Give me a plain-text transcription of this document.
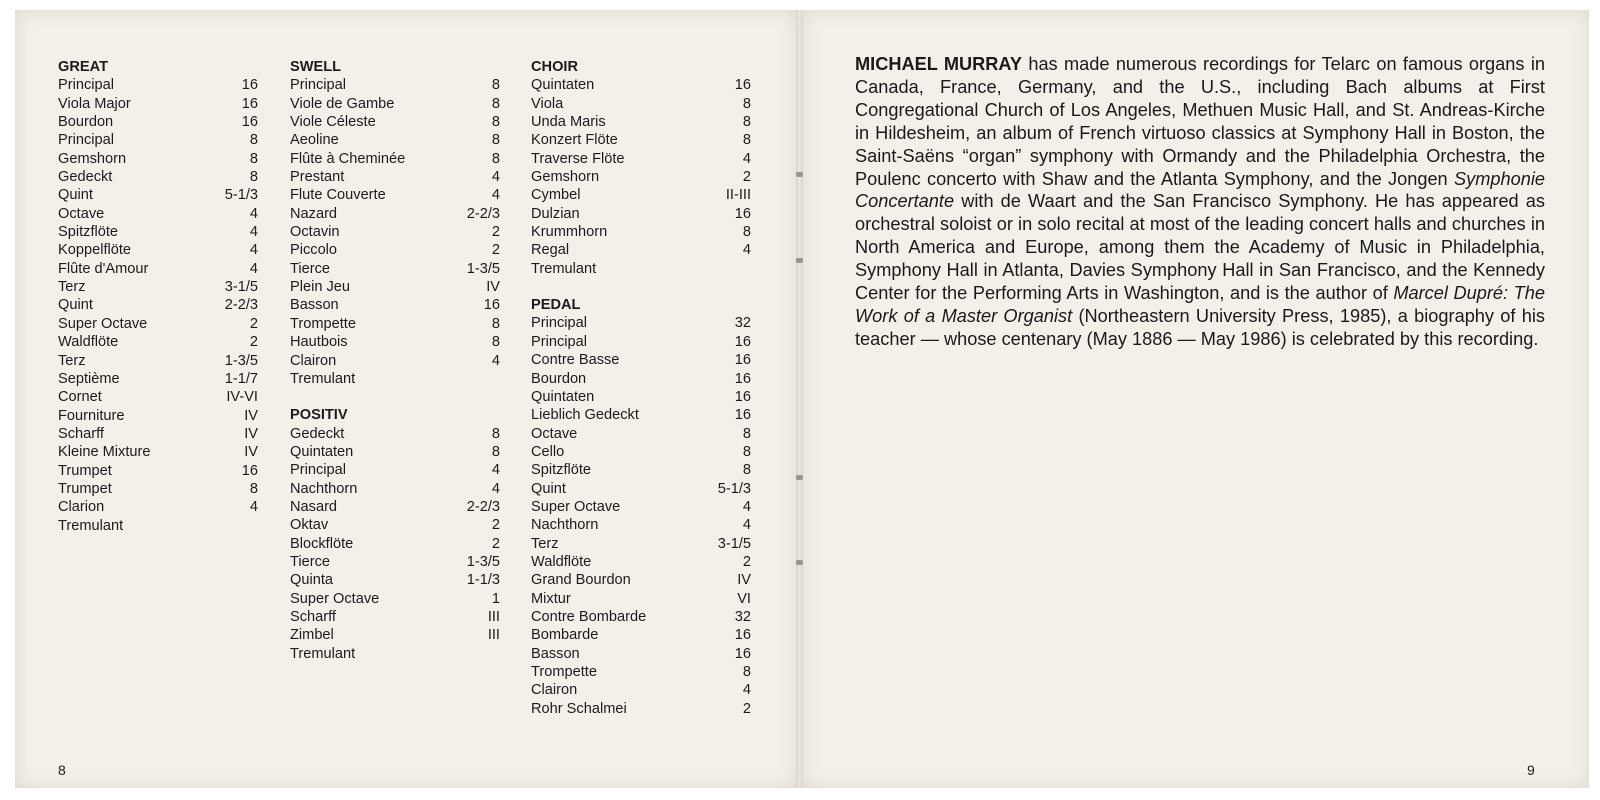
GREAT
Principal	16
Viola Major	16
Bourdon	16
Principal	8
Gemshorn	8
Gedeckt	8
Quint	5-1/3
Octave	4
Spitzflöte	4
Koppelflöte	4
Flûte d'Amour	4
Terz	3-1/5
Quint	2-2/3
Super Octave	2
Waldflöte	2
Terz	1-3/5
Septième	1-1/7
Cornet	IV-VI
Fourniture	IV
Scharff	IV
Kleine Mixture	IV
Trumpet	16
Trumpet	8
Clarion	4
Tremulant
SWELL
Principal	8
Viole de Gambe	8
Viole Céleste	8
Aeoline	8
Flûte à Cheminée	8
Prestant	4
Flute Couverte	4
Nazard	2-2/3
Octavin	2
Piccolo	2
Tierce	1-3/5
Plein Jeu	IV
Basson	16
Trompette	8
Hautbois	8
Clairon	4
Tremulant
POSITIV
Gedeckt	8
Quintaten	8
Principal	4
Nachthorn	4
Nasard	2-2/3
Oktav	2
Blockflöte	2
Tierce	1-3/5
Quinta	1-1/3
Super Octave	1
Scharff	III
Zimbel	III
Tremulant
CHOIR
Quintaten	16
Viola	8
Unda Maris	8
Konzert Flöte	8
Traverse Flöte	4
Gemshorn	2
Cymbel	II-III
Dulzian	16
Krummhorn	8
Regal	4
Tremulant
PEDAL
Principal	32
Principal	16
Contre Basse	16
Bourdon	16
Quintaten	16
Lieblich Gedeckt	16
Octave	8
Cello	8
Spitzflöte	8
Quint	5-1/3
Super Octave	4
Nachthorn	4
Terz	3-1/5
Waldflöte	2
Grand Bourdon	IV
Mixtur	VI
Contre Bombarde	32
Bombarde	16
Basson	16
Trompette	8
Clairon	4
Rohr Schalmei	2
8
MICHAEL MURRAY has made numerous recordings for Telarc on famous organs in Canada, France, Germany, and the U.S., including Bach albums at First Congregational Church of Los Angeles, Methuen Music Hall, and St. Andreas-Kirche in Hildesheim, an album of French virtuoso classics at Symphony Hall in Boston, the Saint-Saëns “organ” symphony with Ormandy and the Philadelphia Orchestra, the Poulenc concerto with Shaw and the Atlanta Symphony, and the Jongen Symphonie Concertante with de Waart and the San Francisco Symphony. He has appeared as orchestral soloist or in solo recital at most of the leading concert halls and churches in North America and Europe, among them the Academy of Music in Philadelphia, Symphony Hall in Atlanta, Davies Symphony Hall in San Francisco, and the Kennedy Center for the Performing Arts in Washington, and is the author of Marcel Dupré: The Work of a Master Organist (Northeastern University Press, 1985), a biography of his teacher — whose centenary (May 1886 — May 1986) is celebrated by this recording.
9
